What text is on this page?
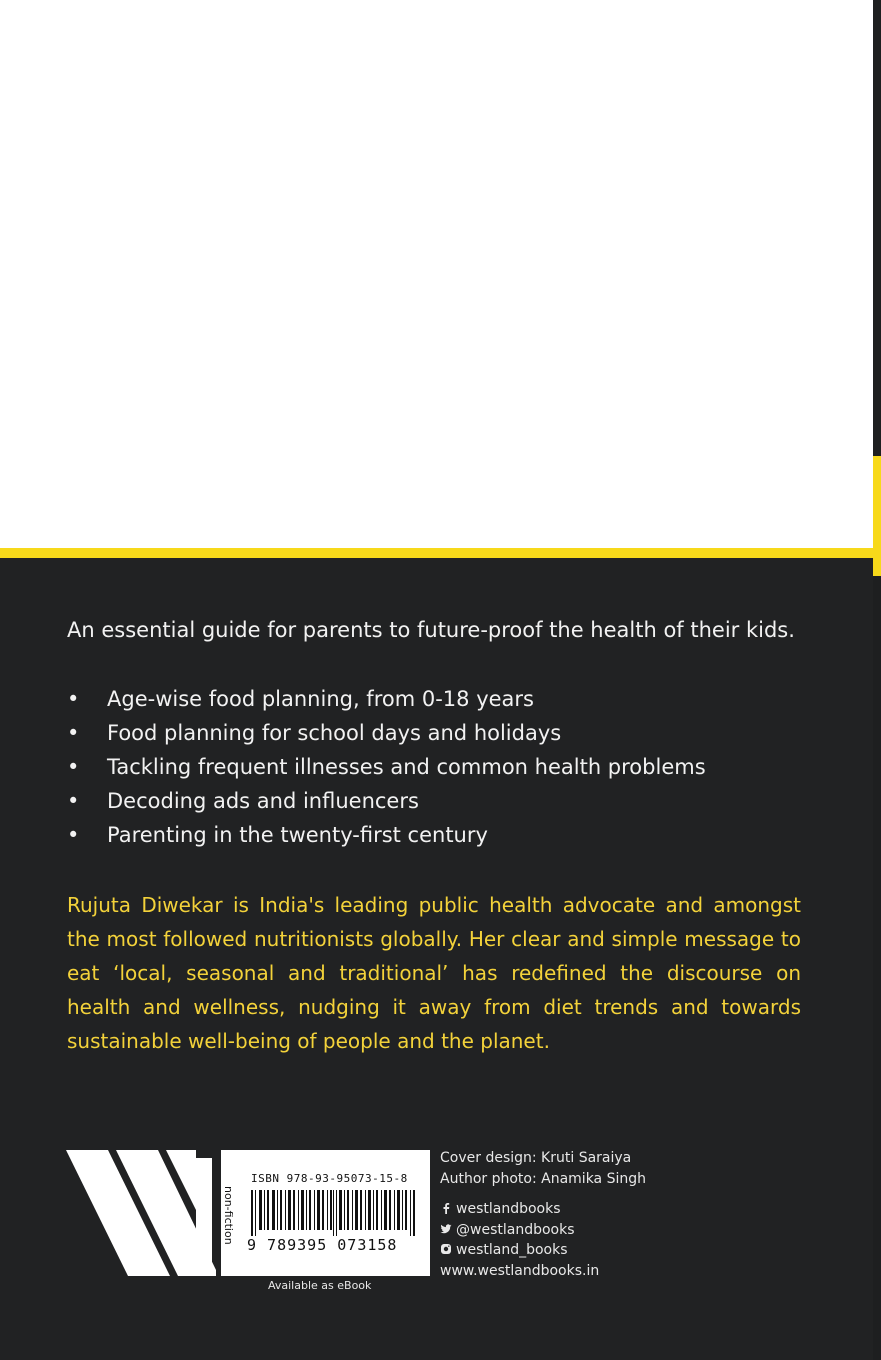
An essential guide for parents to future-proof the health of their kids.
• Age-wise food planning, from 0-18 years
• Food planning for school days and holidays
• Tackling frequent illnesses and common health problems
• Decoding ads and influencers
• Parenting in the twenty-first century

Rujuta Diwekar is India's leading public health advocate and amongst the most followed nutritionists globally. Her clear and simple message to eat ‘local, seasonal and traditional’ has redefined the discourse on health and wellness, nudging it away from diet trends and towards sustainable well-being of people and the planet.

ISBN 978-93-95073-15-8
non-fiction
9 789395 073158
Available as eBook
Cover design: Kruti Saraiya
Author photo: Anamika Singh
westlandbooks
@westlandbooks
westland_books
www.westlandbooks.in
